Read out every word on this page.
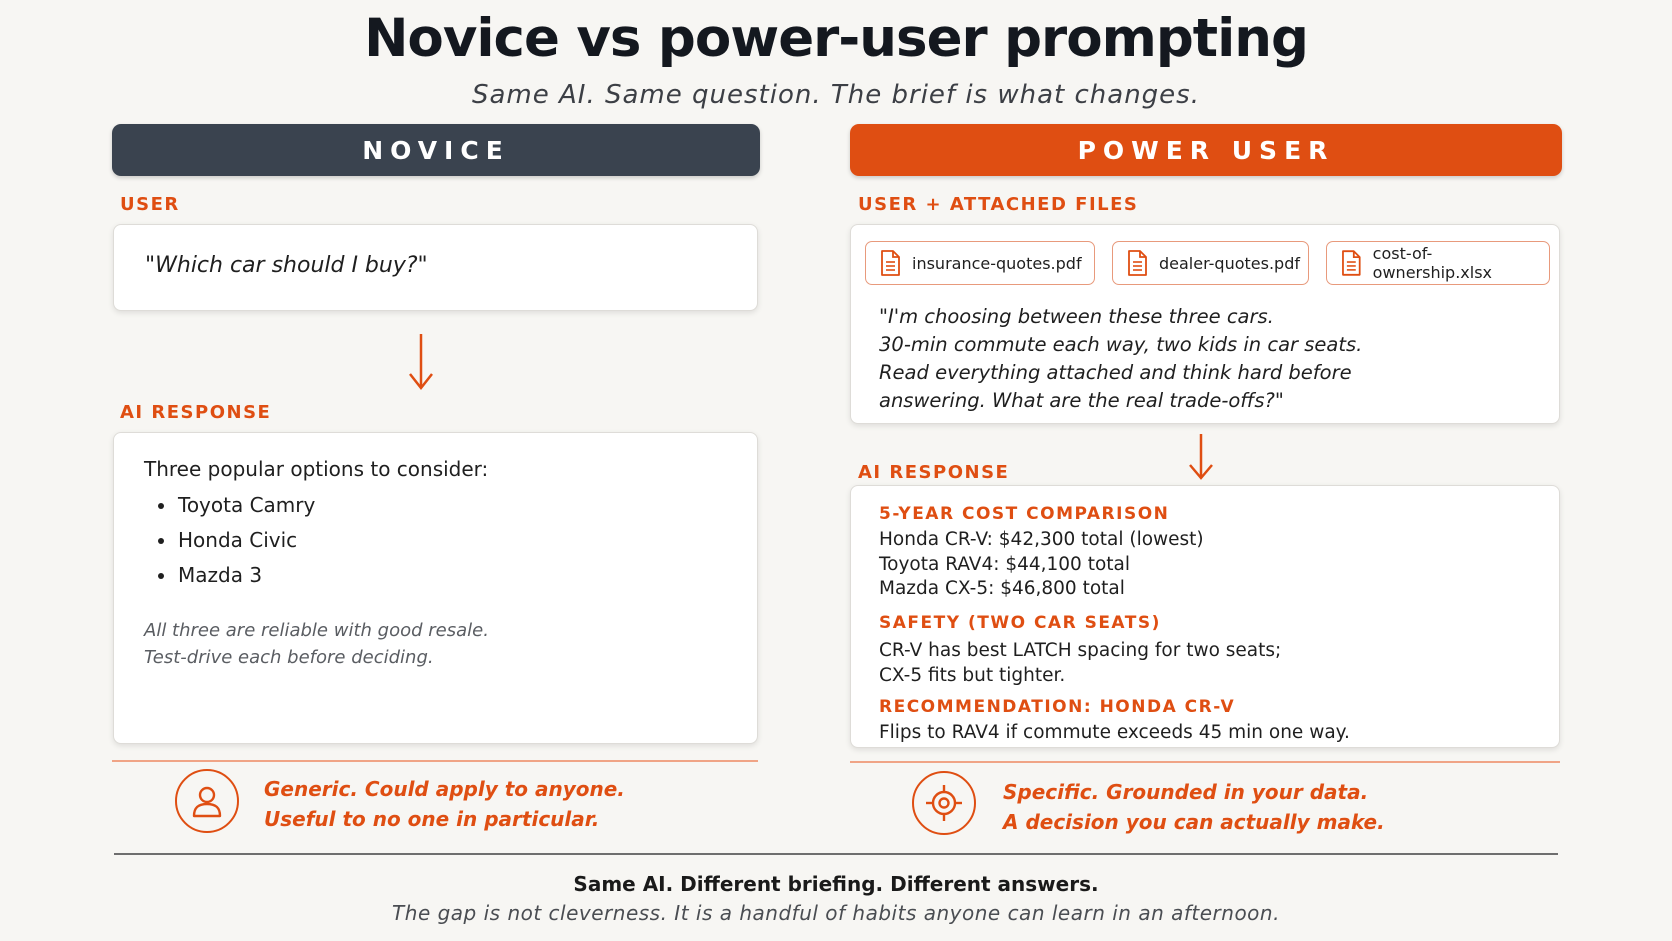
Novice vs power-user prompting
Same AI. Same question. The brief is what changes.
NOVICE
USER
"Which car should I buy?"
AI RESPONSE
Three popular options to consider:
Toyota Camry
Honda Civic
Mazda 3
All three are reliable with good resale.
Test-drive each before deciding.
Generic. Could apply to anyone.
Useful to no one in particular.
POWER USER
USER + ATTACHED FILES
insurance-quotes.pdf	dealer-quotes.pdf	cost-of-ownership.xlsx
"I'm choosing between these three cars.
30-min commute each way, two kids in car seats.
Read everything attached and think hard before
answering. What are the real trade-offs?"
AI RESPONSE
5-YEAR COST COMPARISON
Honda CR-V: $42,300 total (lowest)
Toyota RAV4: $44,100 total
Mazda CX-5: $46,800 total
SAFETY (TWO CAR SEATS)
CR-V has best LATCH spacing for two seats;
CX-5 fits but tighter.
RECOMMENDATION: HONDA CR-V
Flips to RAV4 if commute exceeds 45 min one way.
Specific. Grounded in your data.
A decision you can actually make.
Same AI. Different briefing. Different answers.
The gap is not cleverness. It is a handful of habits anyone can learn in an afternoon.
